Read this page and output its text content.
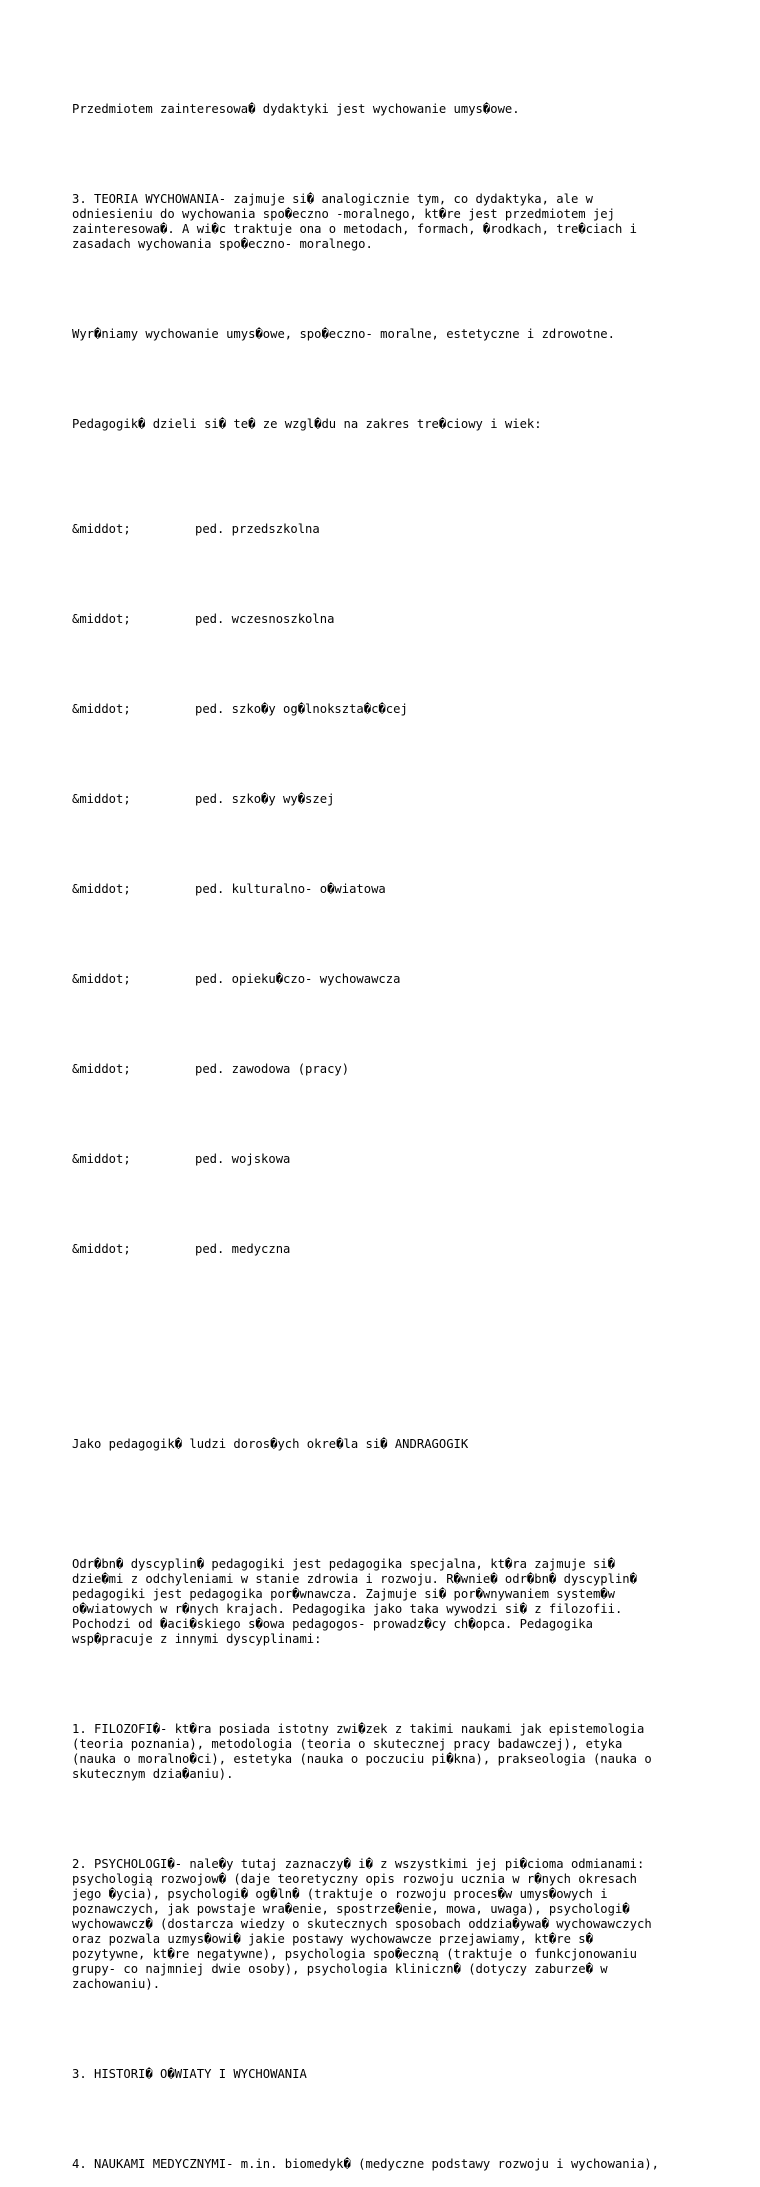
Przedmiotem zainteresowa� dydaktyki jest wychowanie umys�owe.

3. TEORIA WYCHOWANIA- zajmuje si� analogicznie tym, co dydaktyka, ale w
odniesieniu do wychowania spo�eczno -moralnego, kt�re jest przedmiotem jej
zainteresowa�. A wi�c traktuje ona o metodach, formach, �rodkach, tre�ciach i
zasadach wychowania spo�eczno- moralnego.

Wyr�niamy wychowanie umys�owe, spo�eczno- moralne, estetyczne i zdrowotne.

Pedagogik� dzieli si� te� ze wzgl�du na zakres tre�ciowy i wiek:

&middot;	ped. przedszkolna

&middot;	ped. wczesnoszkolna

&middot;	ped. szko�y og�lnokszta�c�cej

&middot;	ped. szko�y wy�szej

&middot;	ped. kulturalno- o�wiatowa

&middot;	ped. opieku�czo- wychowawcza

&middot;	ped. zawodowa (pracy)

&middot;	ped. wojskowa

&middot;	ped. medyczna

Jako pedagogik� ludzi doros�ych okre�la si� ANDRAGOGIK

Odr�bn� dyscyplin� pedagogiki jest pedagogika specjalna, kt�ra zajmuje si�
dzie�mi z odchyleniami w stanie zdrowia i rozwoju. R�wnie� odr�bn� dyscyplin�
pedagogiki jest pedagogika por�wnawcza. Zajmuje si� por�wnywaniem system�w
o�wiatowych w r�nych krajach. Pedagogika jako taka wywodzi si� z filozofii.
Pochodzi od �aci�skiego s�owa pedagogos- prowadz�cy ch�opca. Pedagogika
wsp�pracuje z innymi dyscyplinami:

1. FILOZOFI�- kt�ra posiada istotny zwi�zek z takimi naukami jak epistemologia
(teoria poznania), metodologia (teoria o skutecznej pracy badawczej), etyka
(nauka o moralno�ci), estetyka (nauka o poczuciu pi�kna), prakseologia (nauka o
skutecznym dzia�aniu).

2. PSYCHOLOGI�- nale�y tutaj zaznaczy� i� z wszystkimi jej pi�cioma odmianami:
psychologią rozwojow� (daje teoretyczny opis rozwoju ucznia w r�nych okresach
jego �ycia), psychologi� og�ln� (traktuje o rozwoju proces�w umys�owych i
poznawczych, jak powstaje wra�enie, spostrze�enie, mowa, uwaga), psychologi�
wychowawcz� (dostarcza wiedzy o skutecznych sposobach oddzia�ywa� wychowawczych
oraz pozwala uzmys�owi� jakie postawy wychowawcze przejawiamy, kt�re s�
pozytywne, kt�re negatywne), psychologia spo�eczną (traktuje o funkcjonowaniu
grupy- co najmniej dwie osoby), psychologia kliniczn� (dotyczy zaburze� w
zachowaniu).

3. HISTORI� O�WIATY I WYCHOWANIA

4. NAUKAMI MEDYCZNYMI- m.in. biomedyk� (medyczne podstawy rozwoju i wychowania),
